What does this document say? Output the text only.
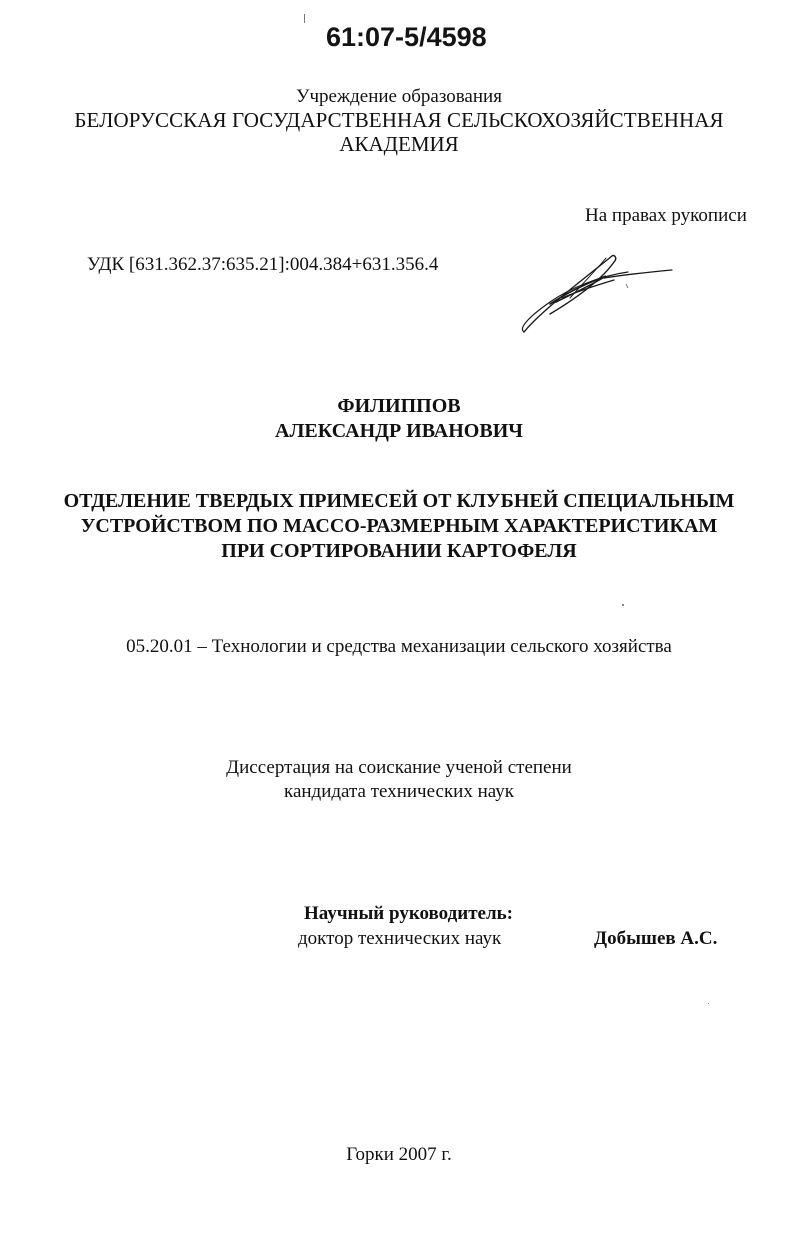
61:07-5/4598
Учреждение образования
БЕЛОРУССКАЯ ГОСУДАРСТВЕННАЯ СЕЛЬСКОХОЗЯЙСТВЕННАЯ
АКАДЕМИЯ
На правах рукописи
УДК [631.362.37:635.21]:004.384+631.356.4
ФИЛИППОВ
АЛЕКСАНДР ИВАНОВИЧ
ОТДЕЛЕНИЕ ТВЕРДЫХ ПРИМЕСЕЙ ОТ КЛУБНЕЙ СПЕЦИАЛЬНЫМ
УСТРОЙСТВОМ ПО МАССО-РАЗМЕРНЫМ ХАРАКТЕРИСТИКАМ
ПРИ СОРТИРОВАНИИ КАРТОФЕЛЯ
05.20.01 – Технологии и средства механизации сельского хозяйства
Диссертация на соискание ученой степени
кандидата технических наук
Научный руководитель:
доктор технических наук	Добышев А.С.
Горки 2007 г.
